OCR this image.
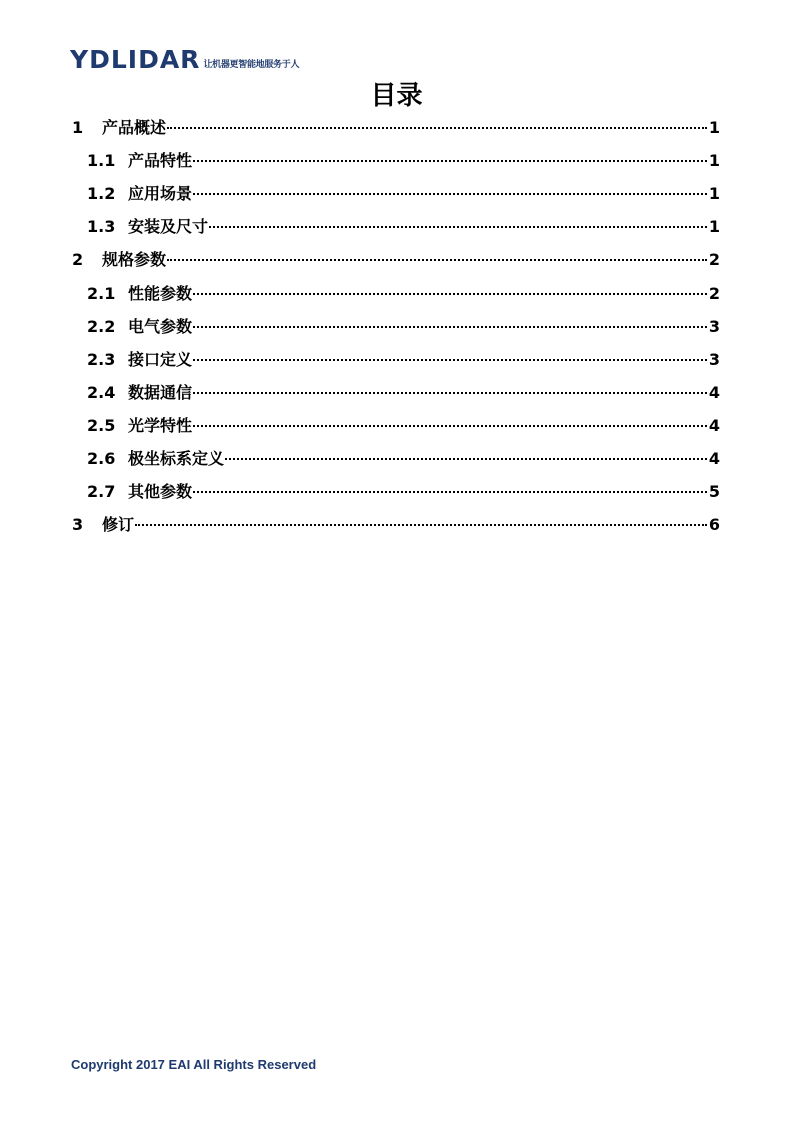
YDLIDAR 让机器更智能地服务于人
目录
1	产品概述	1
1.1 产品特性	1
1.2 应用场景	1
1.3 安装及尺寸	1
2	规格参数	2
2.1 性能参数	2
2.2 电气参数	3
2.3 接口定义	3
2.4 数据通信	4
2.5 光学特性	4
2.6 极坐标系定义	4
2.7 其他参数	5
3	修订	6
Copyright 2017 EAI All Rights Reserved
